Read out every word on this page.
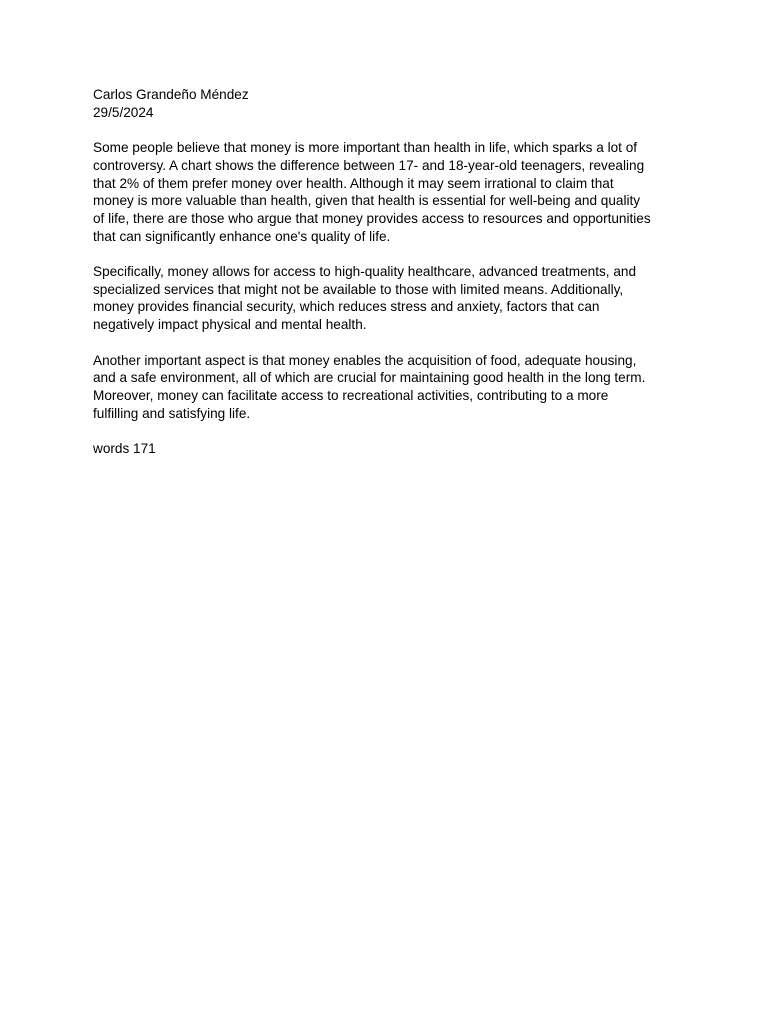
Carlos Grandeño Méndez
29/5/2024

Some people believe that money is more important than health in life, which sparks a lot of
controversy. A chart shows the difference between 17- and 18-year-old teenagers, revealing
that 2% of them prefer money over health. Although it may seem irrational to claim that
money is more valuable than health, given that health is essential for well-being and quality
of life, there are those who argue that money provides access to resources and opportunities
that can significantly enhance one's quality of life.

Specifically, money allows for access to high-quality healthcare, advanced treatments, and
specialized services that might not be available to those with limited means. Additionally,
money provides financial security, which reduces stress and anxiety, factors that can
negatively impact physical and mental health.

Another important aspect is that money enables the acquisition of food, adequate housing,
and a safe environment, all of which are crucial for maintaining good health in the long term.
Moreover, money can facilitate access to recreational activities, contributing to a more
fulfilling and satisfying life.

words 171
